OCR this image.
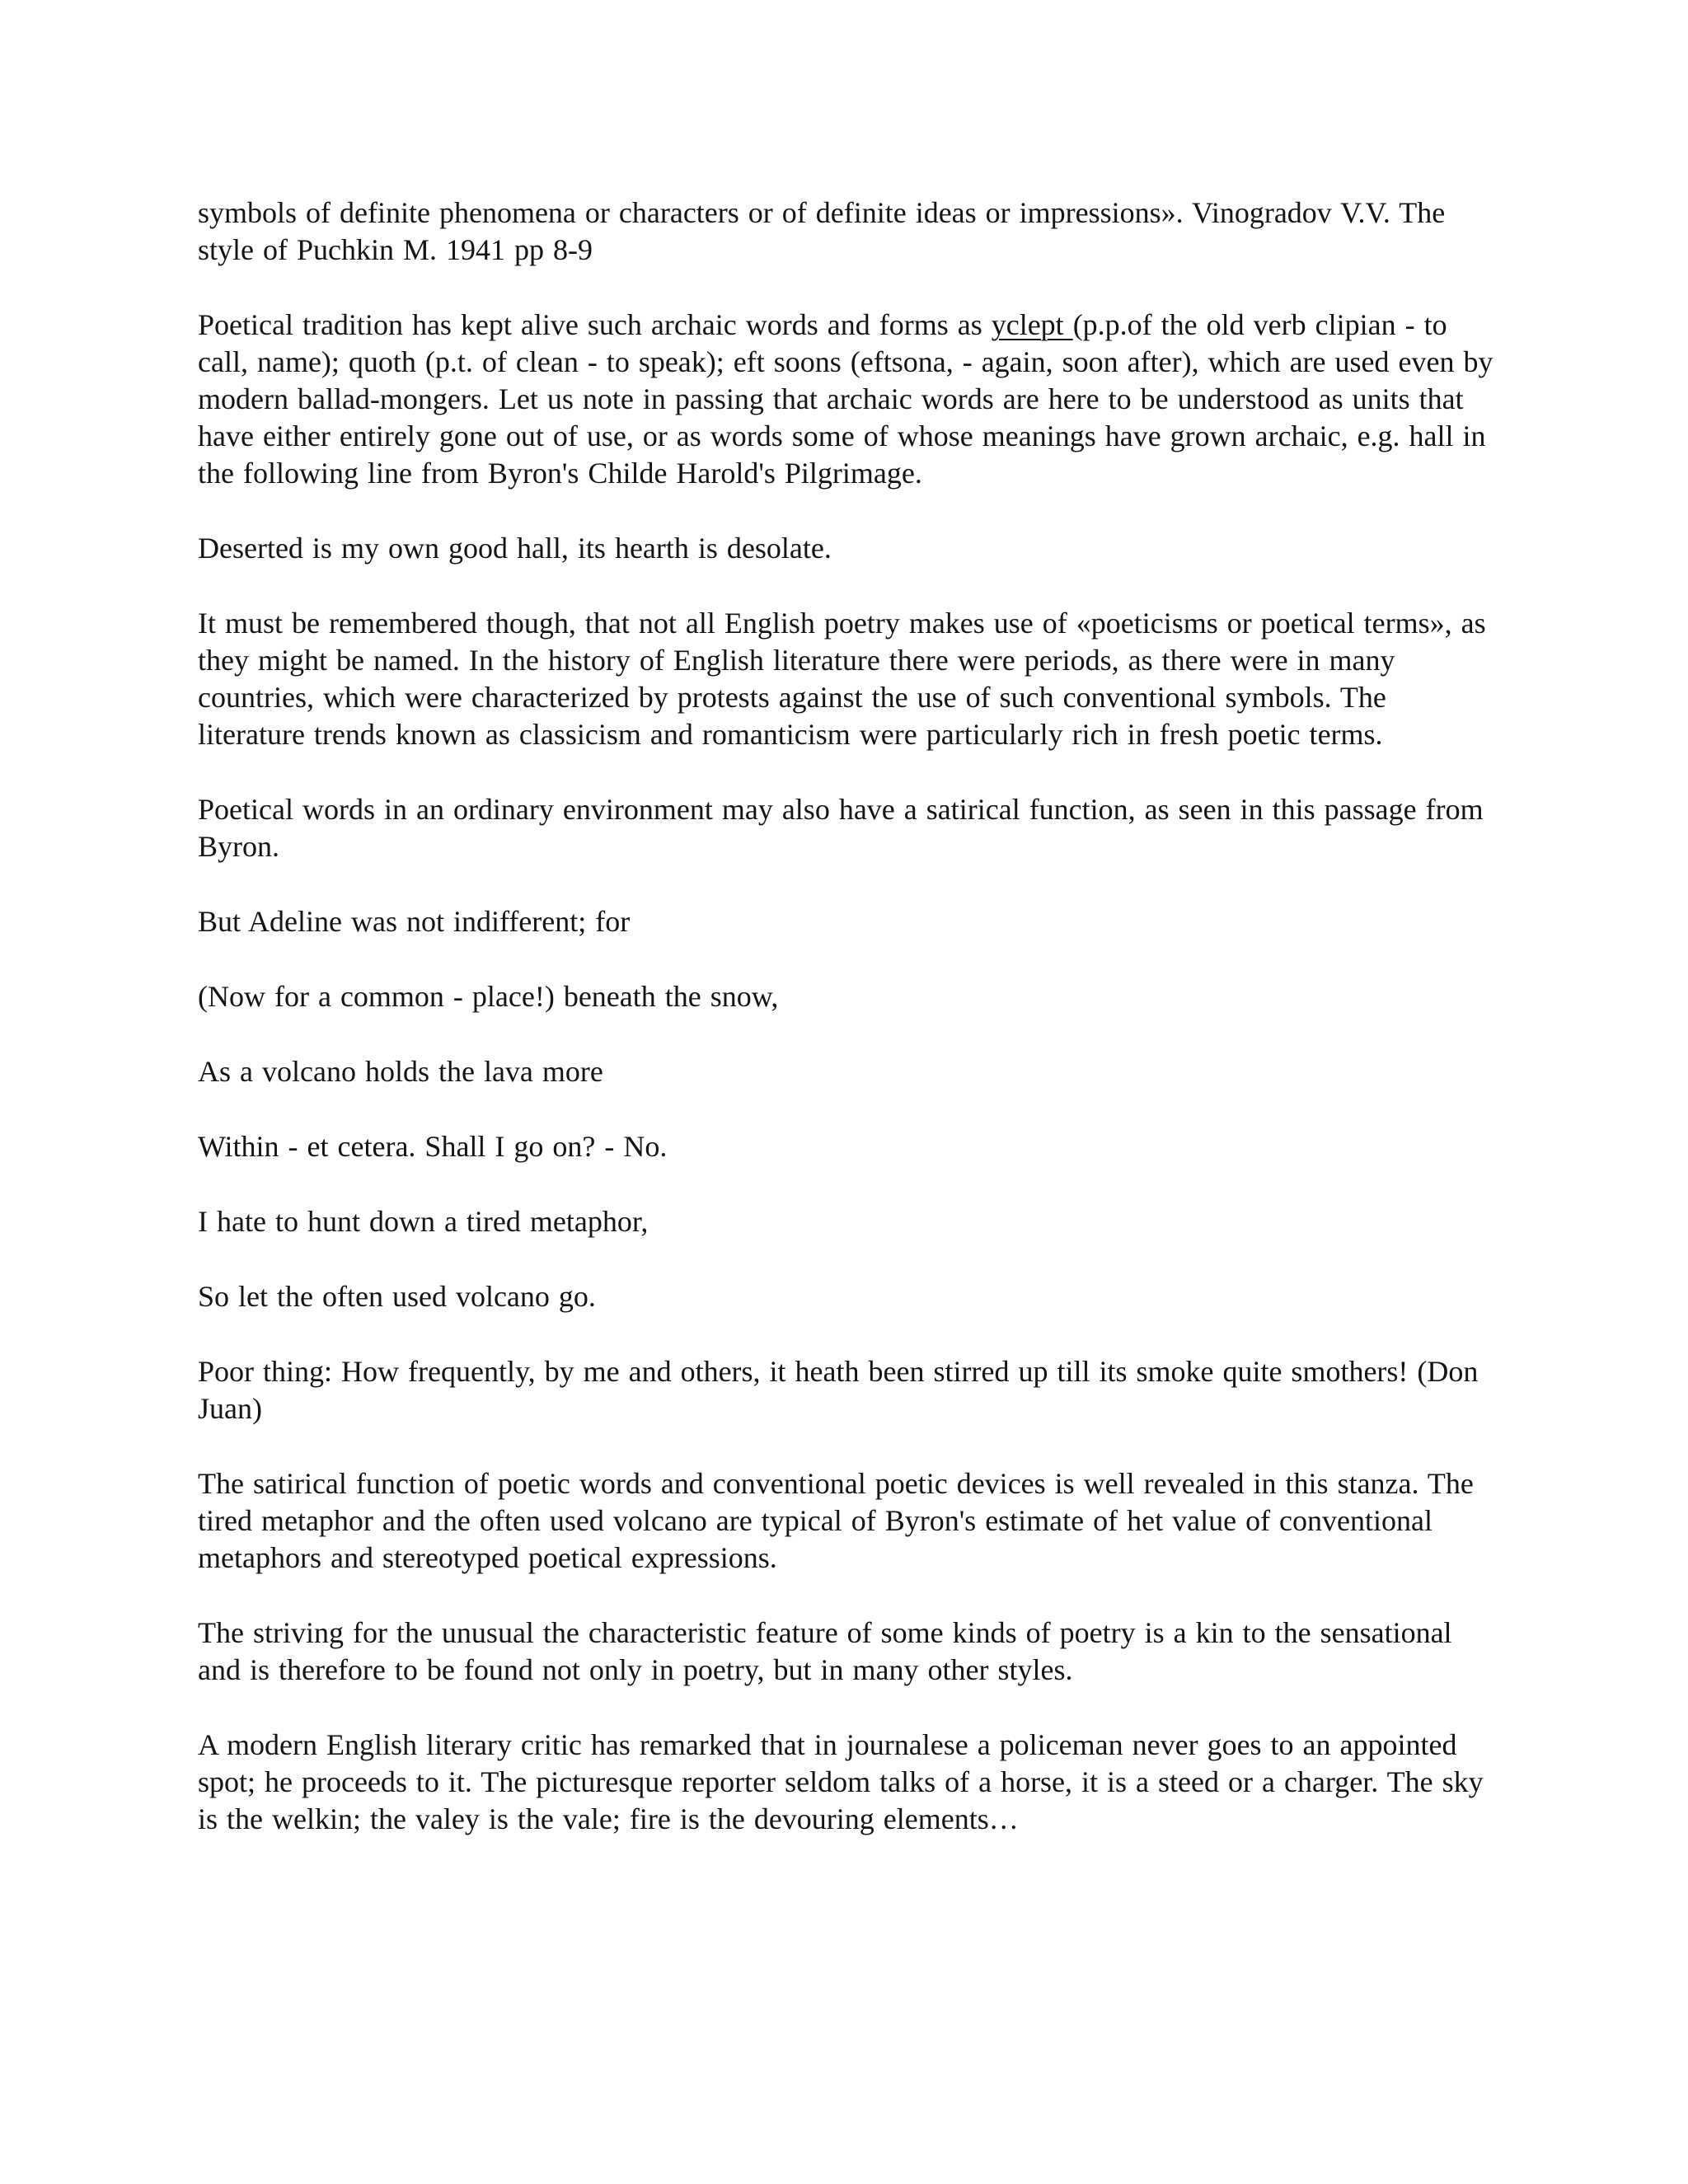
symbols of definite phenomena or characters or of definite ideas or impressions». Vinogradov V.V. The style of Puchkin M. 1941 pp 8-9

Poetical tradition has kept alive such archaic words and forms as yclept (p.p.of the old verb clipian - to call, name); quoth (p.t. of clean - to speak); eft soons (eftsona, - again, soon after), which are used even by modern ballad-mongers. Let us note in passing that archaic words are here to be understood as units that have either entirely gone out of use, or as words some of whose meanings have grown archaic, e.g. hall in the following line from Byron's Childe Harold's Pilgrimage.

Deserted is my own good hall, its hearth is desolate.

It must be remembered though, that not all English poetry makes use of «poeticisms or poetical terms», as they might be named. In the history of English literature there were periods, as there were in many countries, which were characterized by protests against the use of such conventional symbols. The literature trends known as classicism and romanticism were particularly rich in fresh poetic terms.

Poetical words in an ordinary environment may also have a satirical function, as seen in this passage from Byron.

But Adeline was not indifferent; for

(Now for a common - place!) beneath the snow,

As a volcano holds the lava more

Within - et cetera. Shall I go on? - No.

I hate to hunt down a tired metaphor,

So let the often used volcano go.

Poor thing: How frequently, by me and others, it heath been stirred up till its smoke quite smothers! (Don Juan)

The satirical function of poetic words and conventional poetic devices is well revealed in this stanza. The tired metaphor and the often used volcano are typical of Byron's estimate of het value of conventional metaphors and stereotyped poetical expressions.

The striving for the unusual the characteristic feature of some kinds of poetry is a kin to the sensational and is therefore to be found not only in poetry, but in many other styles.

A modern English literary critic has remarked that in journalese a policeman never goes to an appointed spot; he proceeds to it. The picturesque reporter seldom talks of a horse, it is a steed or a charger. The sky is the welkin; the valey is the vale; fire is the devouring elements…
